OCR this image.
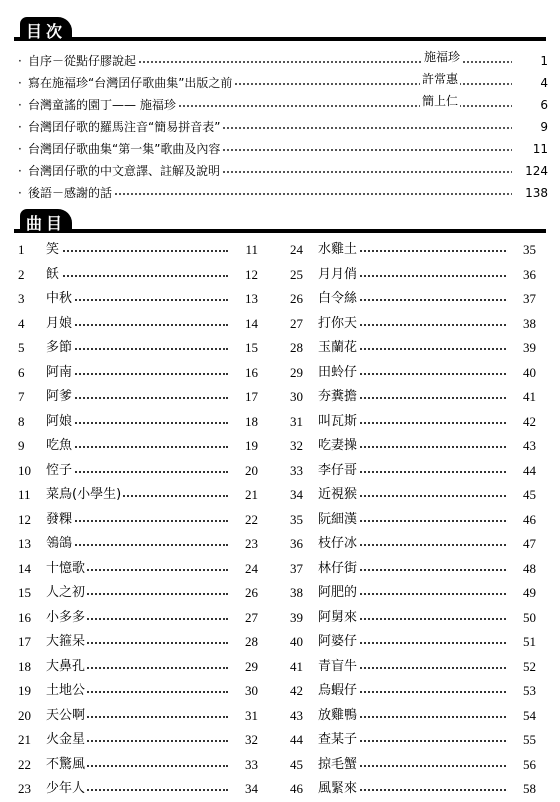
目次
· 自序－從點仔膠說起	施福珍	1
· 寫在施福珍“台灣囝仔歌曲集”出版之前	許常惠	4
· 台灣童謠的園丁—— 施福珍	簡上仁	6
· 台灣囝仔歌的羅馬注音“簡易拼音表”	9
· 台灣囝仔歌曲集“第一集”歌曲及內容	11
· 台灣囝仔歌的中文意譯、註解及說明	124
· 後語－感謝的話	138
曲目
1	笑	11
2	飫	12
3	中秋	13
4	月娘	14
5	多節	15
6	阿南	16
7	阿爹	17
8	阿娘	18
9	吃魚	19
10	悾子	20
11	菜鳥(小學生)	21
12	發粿	22
13	鴒鴿	23
14	十憶歌	24
15	人之初	26
16	小多多	27
17	大箍呆	28
18	大鼻孔	29
19	土地公	30
20	天公啊	31
21	火金星	32
22	不驚風	33
23	少年人	34
24	水雞土	35
25	月月俏	36
26	白令絲	37
27	打你天	38
28	玉蘭花	39
29	田蛉仔	40
30	夯糞擔	41
31	叫瓦斯	42
32	吃妻操	43
33	李仔哥	44
34	近視猴	45
35	阮細漢	46
36	枝仔冰	47
37	林仔街	48
38	阿肥的	49
39	阿舅來	50
40	阿婆仔	51
41	青盲牛	52
42	烏蝦仔	53
43	放雞鴨	54
44	查某子	55
45	掠毛蟹	56
46	風緊來	58
